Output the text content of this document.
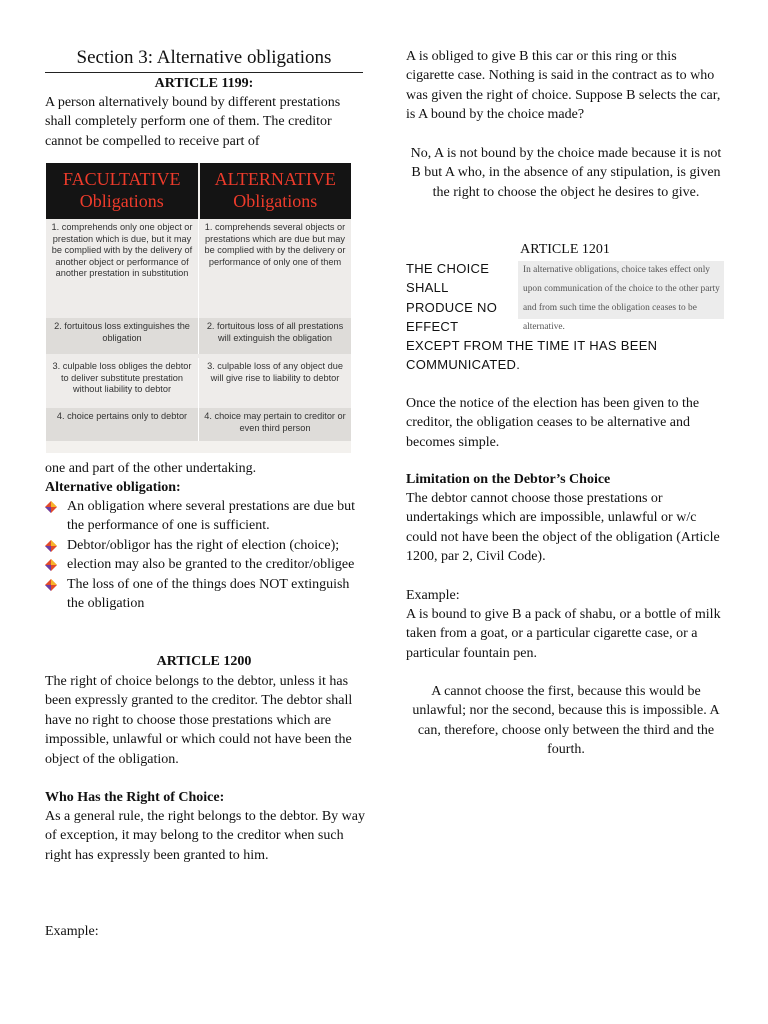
Section 3: Alternative obligations

ARTICLE 1199:

A person alternatively bound by different prestations shall completely perform one of them. The creditor cannot be compelled to receive part of

FACULTATIVE Obligations
ALTERNATIVE Obligations
1. comprehends only one object or prestation which is due, but it may be complied with by the delivery of another object or performance of another prestation in substitution
1. comprehends several objects or prestations which are due but may be complied with by the delivery or performance of only one of them
2. fortuitous loss extinguishes the obligation
2. fortuitous loss of all prestations will extinguish the obligation
3. culpable loss obliges the debtor to deliver substitute prestation without liability to debtor
3. culpable loss of any object due will give rise to liability to debtor
4. choice pertains only to debtor	4. choice may pertain to creditor or even third person

one and part of the other undertaking.

Alternative obligation:

An obligation where several prestations are due but the performance of one is sufficient.
Debtor/obligor has the right of election (choice);
election may also be granted to the creditor/obligee
The loss of one of the things does NOT extinguish the obligation

ARTICLE 1200

The right of choice belongs to the debtor, unless it has been expressly granted to the creditor. The debtor shall have no right to choose those prestations which are impossible, unlawful or which could not have been the object of the obligation.

Who Has the Right of Choice:

As a general rule, the right belongs to the debtor. By way of exception, it may belong to the creditor when such right has expressly been granted to him.

Example:

A is obliged to give B this car or this ring or this cigarette case. Nothing is said in the contract as to who was given the right of choice. Suppose B selects the car, is A bound by the choice made?

No, A is not bound by the choice made because it is not B but A who, in the absence of any stipulation, is given the right to choose the object he desires to give.

ARTICLE 1201

THE CHOICE

SHALL

PRODUCE NO

EFFECT

In alternative obligations, choice takes effect only upon communication of the choice to the other party and from such time the obligation ceases to be alternative.

EXCEPT FROM THE TIME IT HAS BEEN COMMUNICATED.

Once the notice of the election has been given to the creditor, the obligation ceases to be alternative and becomes simple.

Limitation on the Debtor’s Choice

The debtor cannot choose those prestations or undertakings which are impossible, unlawful or w/c could not have been the object of the obligation (Article 1200, par 2, Civil Code).

Example:

A is bound to give B a pack of shabu, or a bottle of milk taken from a goat, or a particular cigarette case, or a particular fountain pen.

A cannot choose the first, because this would be unlawful; nor the second, because this is impossible. A can, therefore, choose only between the third and the fourth.
